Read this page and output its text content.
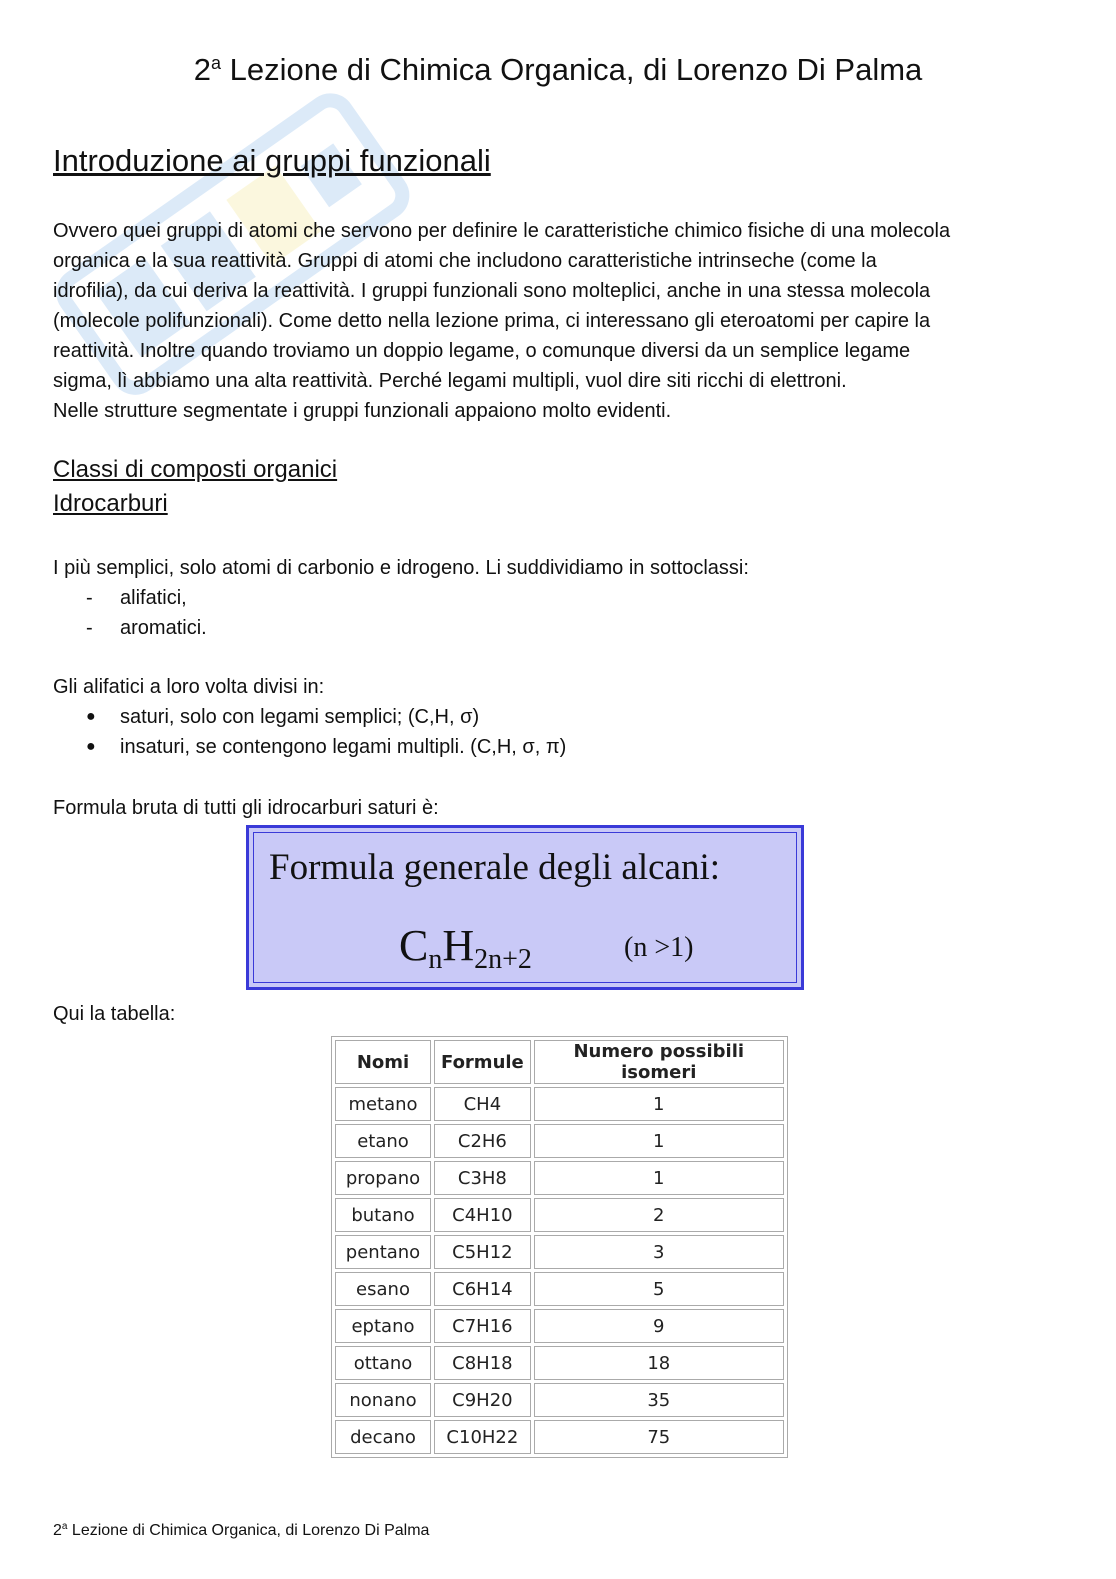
2$^a$ Lezione di Chimica Organica, di Lorenzo Di Palma
Introduzione ai gruppi funzionali
Ovvero quei gruppi di atomi che servono per definire le caratteristiche chimico fisiche di una molecola
organica e la sua reattività. Gruppi di atomi che includono caratteristiche intrinseche (come la
idrofilia), da cui deriva la reattività. I gruppi funzionali sono molteplici, anche in una stessa molecola
(molecole polifunzionali). Come detto nella lezione prima, ci interessano gli eteroatomi per capire la
reattività. Inoltre quando troviamo un doppio legame, o comunque diversi da un semplice legame
sigma, lì abbiamo una alta reattività. Perché legami multipli, vuol dire siti ricchi di elettroni.
Nelle strutture segmentate i gruppi funzionali appaiono molto evidenti.
Classi di composti organici
Idrocarburi
I più semplici, solo atomi di carbonio e idrogeno. Li suddividiamo in sottoclassi:
- alifatici,
- aromatici.
Gli alifatici a loro volta divisi in:
● saturi, solo con legami semplici; (C,H, σ)
● insaturi, se contengono legami multipli. (C,H, σ, π)
Formula bruta di tutti gli idrocarburi saturi è:
Formula generale degli alcani:
$C_nH_{2n+2}$	(n >1)
Qui la tabella:
Nomi	Formule	Numero possibili isomeri
metano	CH4	1
etano	C2H6	1
propano	C3H8	1
butano	C4H10	2
pentano	C5H12	3
esano	C6H14	5
eptano	C7H16	9
ottano	C8H18	18
nonano	C9H20	35
decano	C10H22	75
2$^a$ Lezione di Chimica Organica, di Lorenzo Di Palma
